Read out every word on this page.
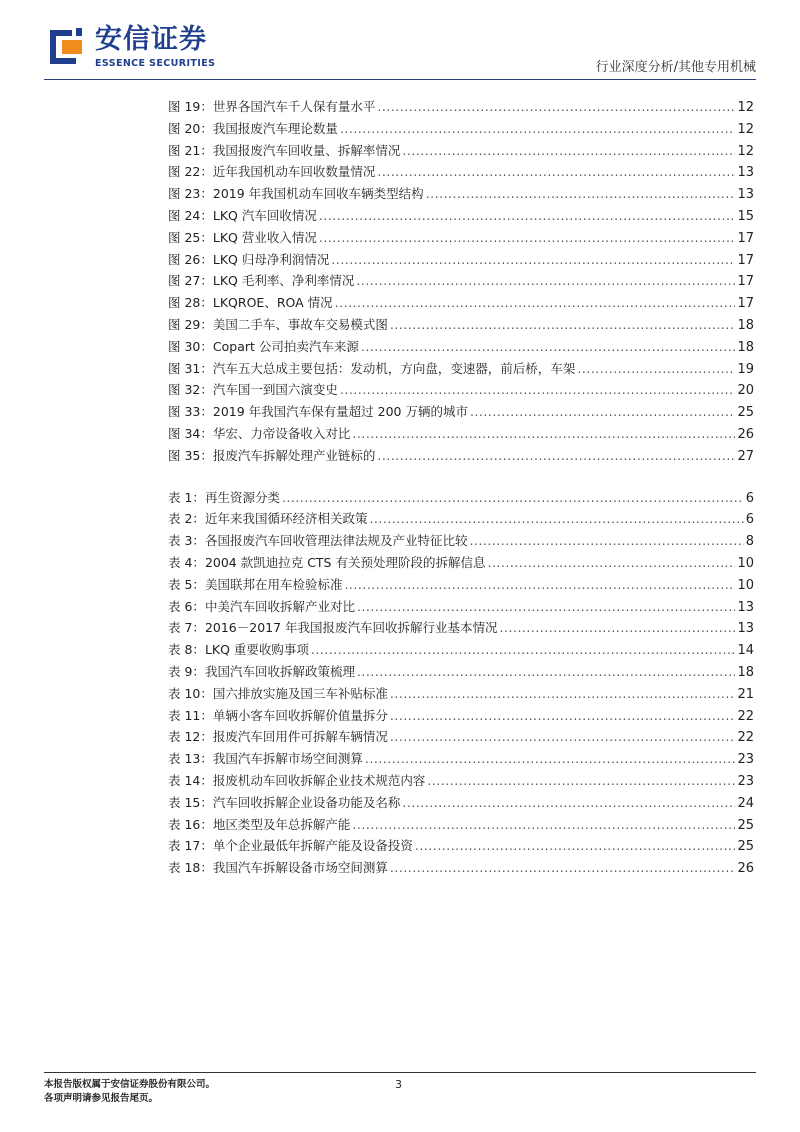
安信证券
ESSENCE SECURITIES	行业深度分析/其他专用机械
图 19： 世界各国汽车千人保有量水平 .....	12
图 20： 我国报废汽车理论数量 .....	12
图 21： 我国报废汽车回收量、拆解率情况 .....	12
图 22： 近年我国机动车回收数量情况 .....	13
图 23： 2019 年我国机动车回收车辆类型结构 .....	13
图 24： LKQ 汽车回收情况 .....	15
图 25： LKQ 营业收入情况 .....	17
图 26： LKQ 归母净利润情况 .....	17
图 27： LKQ 毛利率、净利率情况 .....	17
图 28： LKQROE、ROA 情况 .....	17
图 29： 美国二手车、事故车交易模式图 .....	18
图 30： Copart 公司拍卖汽车来源 .....	18
图 31： 汽车五大总成主要包括：发动机，方向盘，变速器，前后桥，车架 .....	19
图 32： 汽车国一到国六演变史 .....	20
图 33： 2019 年我国汽车保有量超过 200 万辆的城市 .....	25
图 34： 华宏、力帝设备收入对比 .....	26
图 35： 报废汽车拆解处理产业链标的 .....	27
表 1： 再生资源分类 .....	6
表 2： 近年来我国循环经济相关政策 .....	6
表 3： 各国报废汽车回收管理法律法规及产业特征比较 .....	8
表 4： 2004 款凯迪拉克 CTS 有关预处理阶段的拆解信息 .....	10
表 5： 美国联邦在用车检验标准 .....	10
表 6： 中美汽车回收拆解产业对比 .....	13
表 7： 2016－2017 年我国报废汽车回收拆解行业基本情况 .....	13
表 8： LKQ 重要收购事项 .....	14
表 9： 我国汽车回收拆解政策梳理 .....	18
表 10： 国六排放实施及国三车补贴标准 .....	21
表 11： 单辆小客车回收拆解价值量拆分 .....	22
表 12： 报废汽车回用件可拆解车辆情况 .....	22
表 13： 我国汽车拆解市场空间测算 .....	23
表 14： 报废机动车回收拆解企业技术规范内容 .....	23
表 15： 汽车回收拆解企业设备功能及名称 .....	24
表 16： 地区类型及年总拆解产能 .....	25
表 17： 单个企业最低年拆解产能及设备投资 .....	25
表 18： 我国汽车拆解设备市场空间测算 .....	26
本报告版权属于安信证券股份有限公司。
各项声明请参见报告尾页。
3
